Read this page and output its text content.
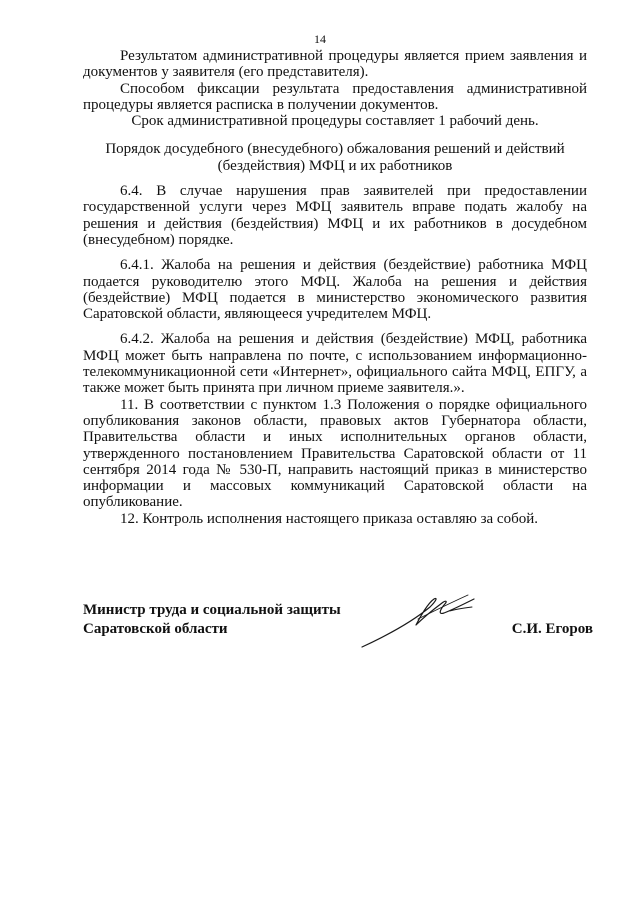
14

Результатом административной процедуры является прием заявления и документов у заявителя (его представителя).

Способом фиксации результата предоставления административной процедуры является расписка в получении документов.

Срок административной процедуры составляет 1 рабочий день.

Порядок досудебного (внесудебного) обжалования решений и действий (бездействия) МФЦ и их работников

6.4. В случае нарушения прав заявителей при предоставлении государственной услуги через МФЦ заявитель вправе подать жалобу на решения и действия (бездействия) МФЦ и их работников в досудебном (внесудебном) порядке.

6.4.1. Жалоба на решения и действия (бездействие) работника МФЦ подается руководителю этого МФЦ. Жалоба на решения и действия (бездействие) МФЦ подается в министерство экономического развития Саратовской области, являющееся учредителем МФЦ.

6.4.2. Жалоба на решения и действия (бездействие) МФЦ, работника МФЦ может быть направлена по почте, с использованием информационно-телекоммуникационной сети «Интернет», официального сайта МФЦ, ЕПГУ, а также может быть принята при личном приеме заявителя.».

11. В соответствии с пунктом 1.3 Положения о порядке официального опубликования законов области, правовых актов Губернатора области, Правительства области и иных исполнительных органов области, утвержденного постановлением Правительства Саратовской области от 11 сентября 2014 года № 530-П, направить настоящий приказ в министерство информации и массовых коммуникаций Саратовской области на опубликование.

12. Контроль исполнения настоящего приказа оставляю за собой.

Министр труда и социальной защиты
Саратовской области	С.И. Егоров
